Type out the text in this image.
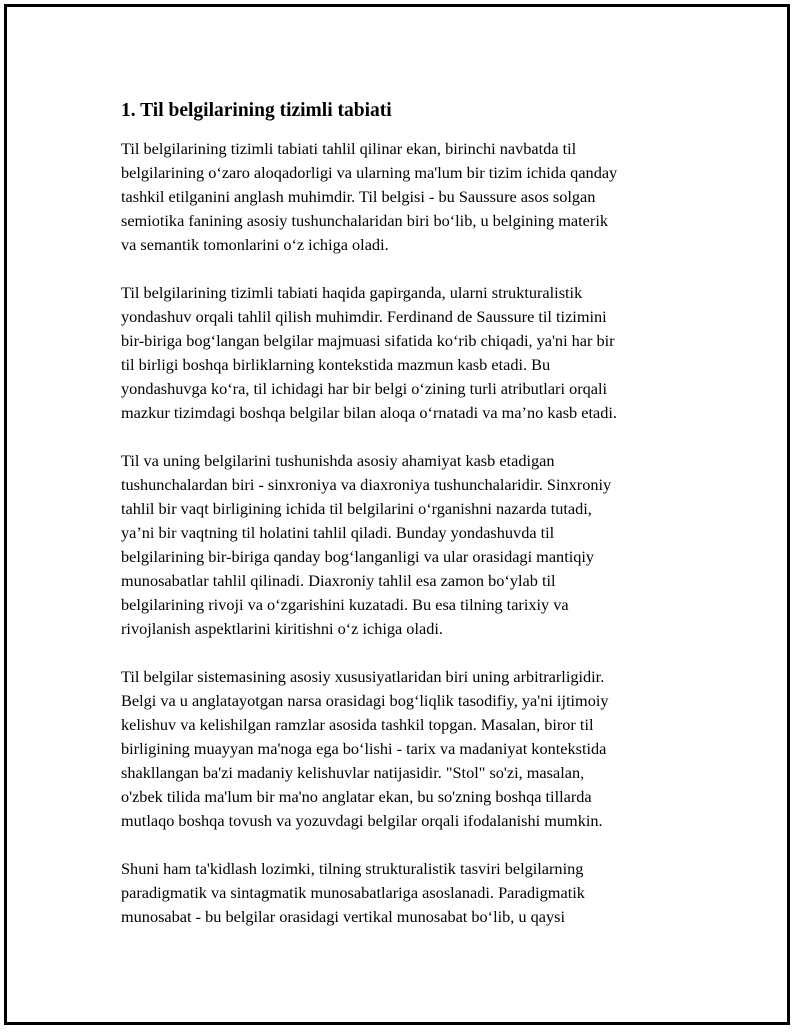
1. Til belgilarining tizimli tabiati

Til belgilarining tizimli tabiati tahlil qilinar ekan, birinchi navbatda til
belgilarining o‘zaro aloqadorligi va ularning ma'lum bir tizim ichida qanday
tashkil etilganini anglash muhimdir. Til belgisi - bu Saussure asos solgan
semiotika fanining asosiy tushunchalaridan biri bo‘lib, u belgining materik
va semantik tomonlarini o‘z ichiga oladi.

Til belgilarining tizimli tabiati haqida gapirganda, ularni strukturalistik
yondashuv orqali tahlil qilish muhimdir. Ferdinand de Saussure til tizimini
bir-biriga bog‘langan belgilar majmuasi sifatida ko‘rib chiqadi, ya'ni har bir
til birligi boshqa birliklarning kontekstida mazmun kasb etadi. Bu
yondashuvga ko‘ra, til ichidagi har bir belgi o‘zining turli atributlari orqali
mazkur tizimdagi boshqa belgilar bilan aloqa o‘rnatadi va ma’no kasb etadi.

Til va uning belgilarini tushunishda asosiy ahamiyat kasb etadigan
tushunchalardan biri - sinxroniya va diaxroniya tushunchalaridir. Sinxroniy
tahlil bir vaqt birligining ichida til belgilarini o‘rganishni nazarda tutadi,
ya’ni bir vaqtning til holatini tahlil qiladi. Bunday yondashuvda til
belgilarining bir-biriga qanday bog‘langanligi va ular orasidagi mantiqiy
munosabatlar tahlil qilinadi. Diaxroniy tahlil esa zamon bo‘ylab til
belgilarining rivoji va o‘zgarishini kuzatadi. Bu esa tilning tarixiy va
rivojlanish aspektlarini kiritishni o‘z ichiga oladi.

Til belgilar sistemasining asosiy xususiyatlaridan biri uning arbitrarligidir.
Belgi va u anglatayotgan narsa orasidagi bog‘liqlik tasodifiy, ya'ni ijtimoiy
kelishuv va kelishilgan ramzlar asosida tashkil topgan. Masalan, biror til
birligining muayyan ma'noga ega bo‘lishi - tarix va madaniyat kontekstida
shakllangan ba'zi madaniy kelishuvlar natijasidir. "Stol" so'zi, masalan,
o'zbek tilida ma'lum bir ma'no anglatar ekan, bu so'zning boshqa tillarda
mutlaqo boshqa tovush va yozuvdagi belgilar orqali ifodalanishi mumkin.

Shuni ham ta'kidlash lozimki, tilning strukturalistik tasviri belgilarning
paradigmatik va sintagmatik munosabatlariga asoslanadi. Paradigmatik
munosabat - bu belgilar orasidagi vertikal munosabat bo‘lib, u qaysi
